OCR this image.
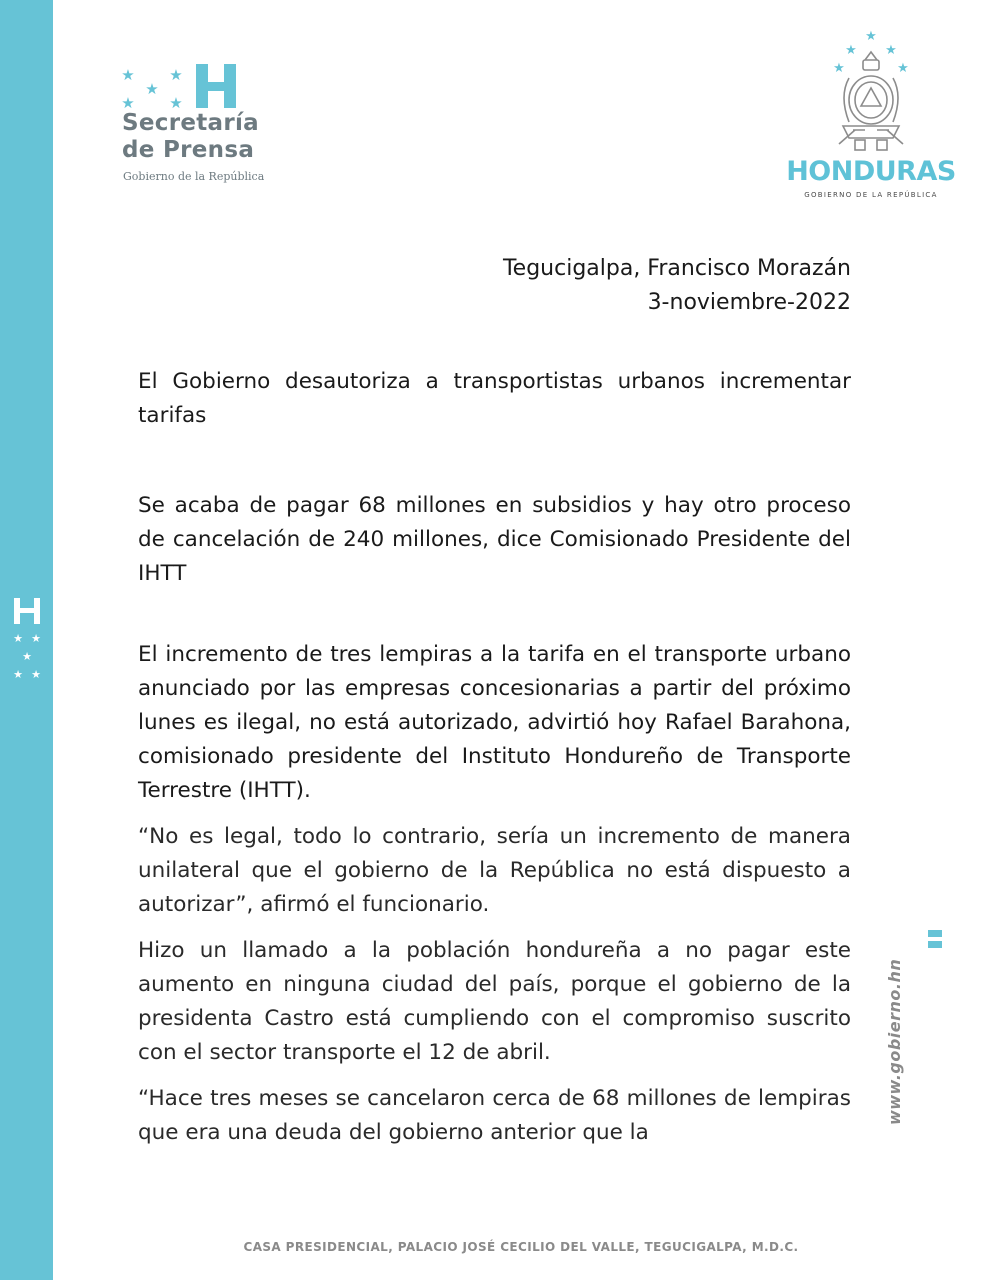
★ ★
★
★ ★
★ ★
★
★ ★
Secretaría
de Prensa
Gobierno de la República
★
★ ★
★	★
HONDURAS
GOBIERNO DE LA REPÚBLICA
Tegucigalpa, Francisco Morazán
3-noviembre-2022

El Gobierno desautoriza a transportistas urbanos incrementar tarifas

Se acaba de pagar 68 millones en subsidios y hay otro proceso de cancelación de 240 millones, dice Comisionado Presidente del IHTT

El incremento de tres lempiras a la tarifa en el transporte urbano anunciado por las empresas concesionarias a partir del próximo lunes es ilegal, no está autorizado, advirtió hoy Rafael Barahona, comisionado presidente del Instituto Hondureño de Transporte Terrestre (IHTT).

“No es legal, todo lo contrario, sería un incremento de manera unilateral que el gobierno de la República no está dispuesto a autorizar”, afirmó el funcionario.

Hizo un llamado a la población hondureña a no pagar este aumento en ninguna ciudad del país, porque el gobierno de la presidenta Castro está cumpliendo con el compromiso suscrito con el sector transporte el 12 de abril.

“Hace tres meses se cancelaron cerca de 68 millones de lempiras que era una deuda del gobierno anterior que la

www.gobierno.hn
CASA PRESIDENCIAL, PALACIO JOSÉ CECILIO DEL VALLE, TEGUCIGALPA, M.D.C.
